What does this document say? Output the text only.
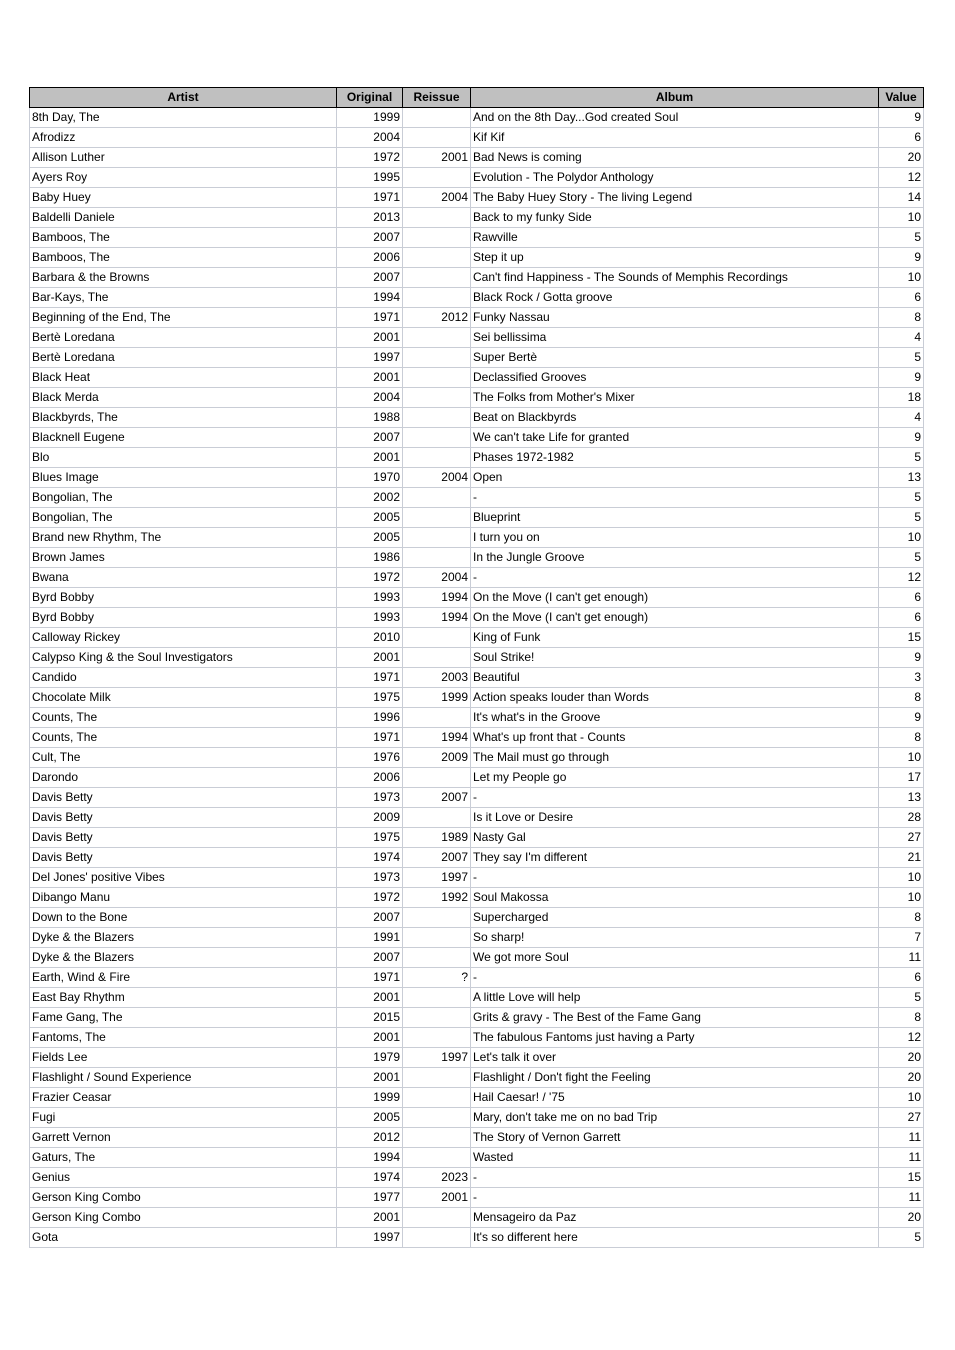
Artist	Original	Reissue	Album	Value
8th Day, The	1999		And on the 8th Day...God created Soul	9
Afrodizz	2004		Kif Kif	6
Allison Luther	1972	2001	Bad News is coming	20
Ayers Roy	1995		Evolution - The Polydor Anthology	12
Baby Huey	1971	2004	The Baby Huey Story - The living Legend	14
Baldelli Daniele	2013		Back to my funky Side	10
Bamboos, The	2007		Rawville	5
Bamboos, The	2006		Step it up	9
Barbara & the Browns	2007		Can't find Happiness - The Sounds of Memphis Recordings	10
Bar-Kays, The	1994		Black Rock / Gotta groove	6
Beginning of the End, The	1971	2012	Funky Nassau	8
Bertè Loredana	2001		Sei bellissima	4
Bertè Loredana	1997		Super Bertè	5
Black Heat	2001		Declassified Grooves	9
Black Merda	2004		The Folks from Mother's Mixer	18
Blackbyrds, The	1988		Beat on Blackbyrds	4
Blacknell Eugene	2007		We can't take Life for granted	9
Blo	2001		Phases 1972-1982	5
Blues Image	1970	2004	Open	13
Bongolian, The	2002		-	5
Bongolian, The	2005		Blueprint	5
Brand new Rhythm, The	2005		I turn you on	10
Brown James	1986		In the Jungle Groove	5
Bwana	1972	2004	-	12
Byrd Bobby	1993	1994	On the Move (I can't get enough)	6
Byrd Bobby	1993	1994	On the Move (I can't get enough)	6
Calloway Rickey	2010		King of Funk	15
Calypso King & the Soul Investigators	2001		Soul Strike!	9
Candido	1971	2003	Beautiful	3
Chocolate Milk	1975	1999	Action speaks louder than Words	8
Counts, The	1996		It's what's in the Groove	9
Counts, The	1971	1994	What's up front that - Counts	8
Cult, The	1976	2009	The Mail must go through	10
Darondo	2006		Let my People go	17
Davis Betty	1973	2007	-	13
Davis Betty	2009		Is it Love or Desire	28
Davis Betty	1975	1989	Nasty Gal	27
Davis Betty	1974	2007	They say I'm different	21
Del Jones' positive Vibes	1973	1997	-	10
Dibango Manu	1972	1992	Soul Makossa	10
Down to the Bone	2007		Supercharged	8
Dyke & the Blazers	1991		So sharp!	7
Dyke & the Blazers	2007		We got more Soul	11
Earth, Wind & Fire	1971	?	-	6
East Bay Rhythm	2001		A little Love will help	5
Fame Gang, The	2015		Grits & gravy - The Best of the Fame Gang	8
Fantoms, The	2001		The fabulous Fantoms just having a Party	12
Fields Lee	1979	1997	Let's talk it over	20
Flashlight / Sound Experience	2001		Flashlight / Don't fight the Feeling	20
Frazier Ceasar	1999		Hail Caesar! / '75	10
Fugi	2005		Mary, don't take me on no bad Trip	27
Garrett Vernon	2012		The Story of Vernon Garrett	11
Gaturs, The	1994		Wasted	11
Genius	1974	2023	-	15
Gerson King Combo	1977	2001	-	11
Gerson King Combo	2001		Mensageiro da Paz	20
Gota	1997		It's so different here	5
